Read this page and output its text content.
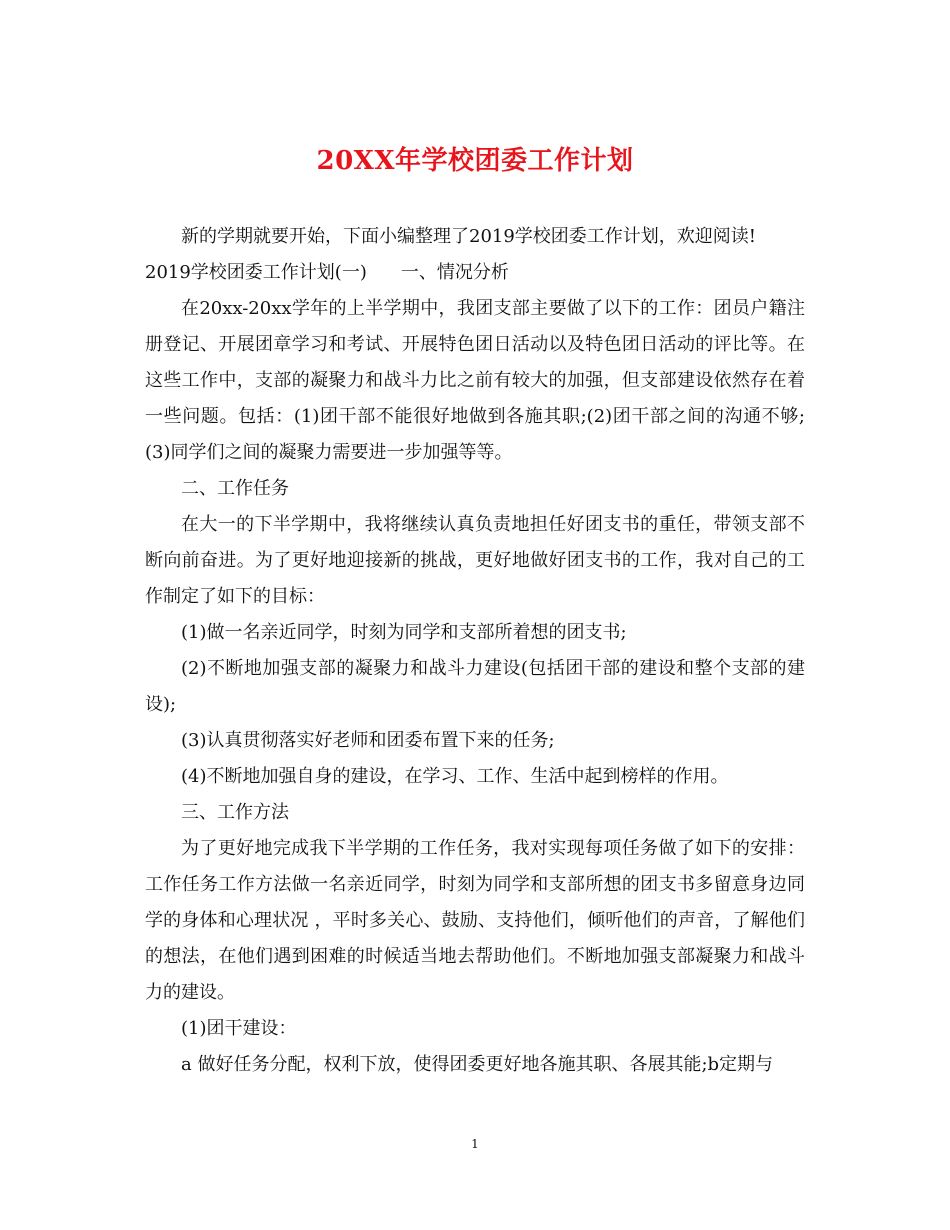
20XX年学校团委工作计划

新的学期就要开始，下面小编整理了2019学校团委工作计划，欢迎阅读!

2019学校团委工作计划(一) 一、情况分析

在20xx-20xx学年的上半学期中，我团支部主要做了以下的工作：团员户籍注册登记、开展团章学习和考试、开展特色团日活动以及特色团日活动的评比等。在这些工作中，支部的凝聚力和战斗力比之前有较大的加强，但支部建设依然存在着一些问题。包括：(1)团干部不能很好地做到各施其职;(2)团干部之间的沟通不够;(3)同学们之间的凝聚力需要进一步加强等等。

二、工作任务

在大一的下半学期中，我将继续认真负责地担任好团支书的重任，带领支部不断向前奋进。为了更好地迎接新的挑战，更好地做好团支书的工作，我对自己的工作制定了如下的目标：

(1)做一名亲近同学，时刻为同学和支部所着想的团支书;

(2)不断地加强支部的凝聚力和战斗力建设(包括团干部的建设和整个支部的建设);

(3)认真贯彻落实好老师和团委布置下来的任务;

(4)不断地加强自身的建设，在学习、工作、生活中起到榜样的作用。

三、工作方法

为了更好地完成我下半学期的工作任务，我对实现每项任务做了如下的安排：工作任务工作方法做一名亲近同学，时刻为同学和支部所想的团支书多留意身边同学的身体和心理状况 ，平时多关心、鼓励、支持他们，倾听他们的声音，了解他们的想法，在他们遇到困难的时候适当地去帮助他们。不断地加强支部凝聚力和战斗力的建设。

(1)团干建设：

a 做好任务分配，权利下放，使得团委更好地各施其职、各展其能;b定期与

1
